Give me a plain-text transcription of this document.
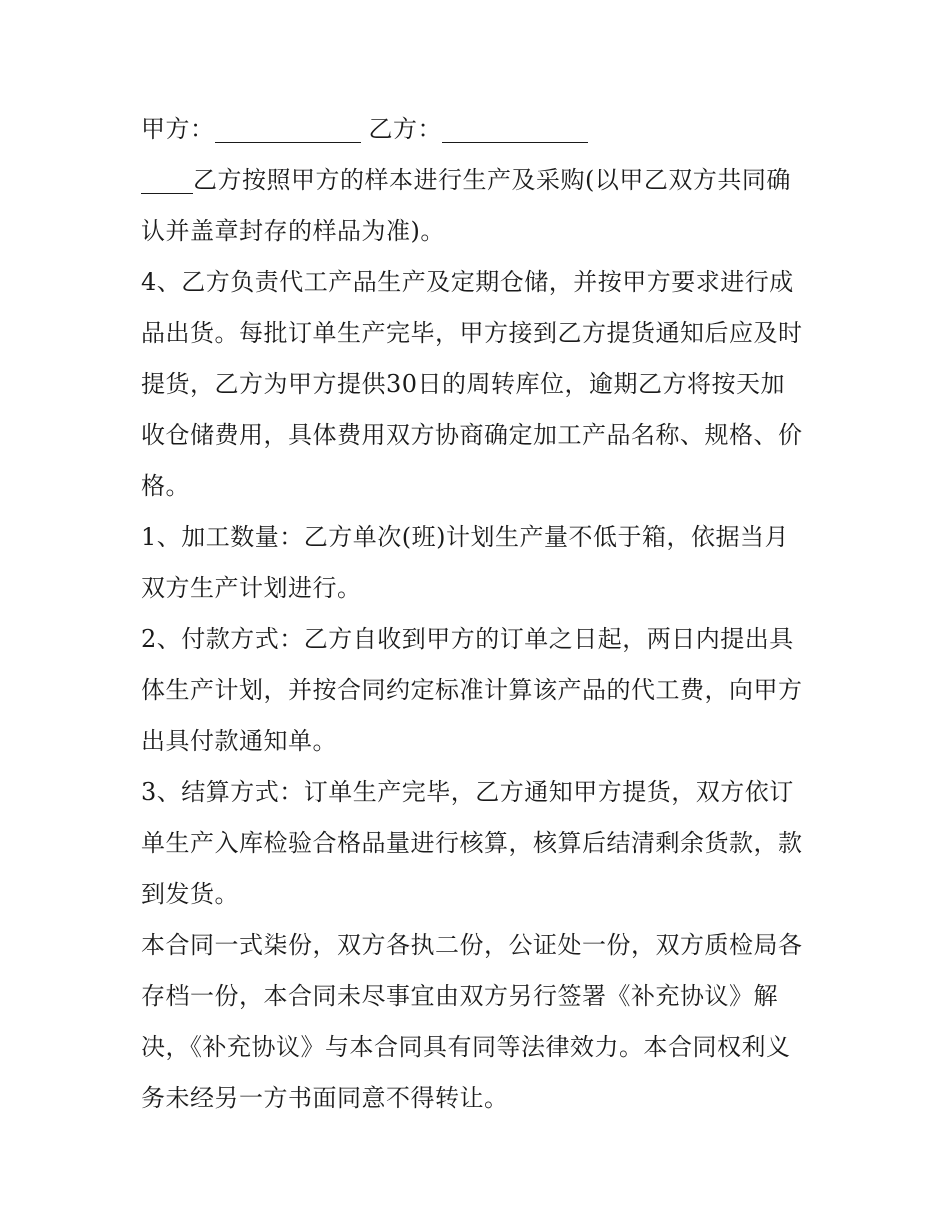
甲方：	乙方：
乙方按照甲方的样本进行生产及采购(以甲乙双方共同确
认并盖章封存的样品为准)。
4、乙方负责代工产品生产及定期仓储，并按甲方要求进行成
品出货。每批订单生产完毕，甲方接到乙方提货通知后应及时
提货，乙方为甲方提供30日的周转库位，逾期乙方将按天加
收仓储费用，具体费用双方协商确定加工产品名称、规格、价
格。
1、加工数量：乙方单次(班)计划生产量不低于箱，依据当月
双方生产计划进行。
2、付款方式：乙方自收到甲方的订单之日起，两日内提出具
体生产计划，并按合同约定标准计算该产品的代工费，向甲方
出具付款通知单。
3、结算方式：订单生产完毕，乙方通知甲方提货，双方依订
单生产入库检验合格品量进行核算，核算后结清剩余货款，款
到发货。
本合同一式柒份，双方各执二份，公证处一份，双方质检局各
存档一份，本合同未尽事宜由双方另行签署《补充协议》解
决，《补充协议》与本合同具有同等法律效力。本合同权利义
务未经另一方书面同意不得转让。
